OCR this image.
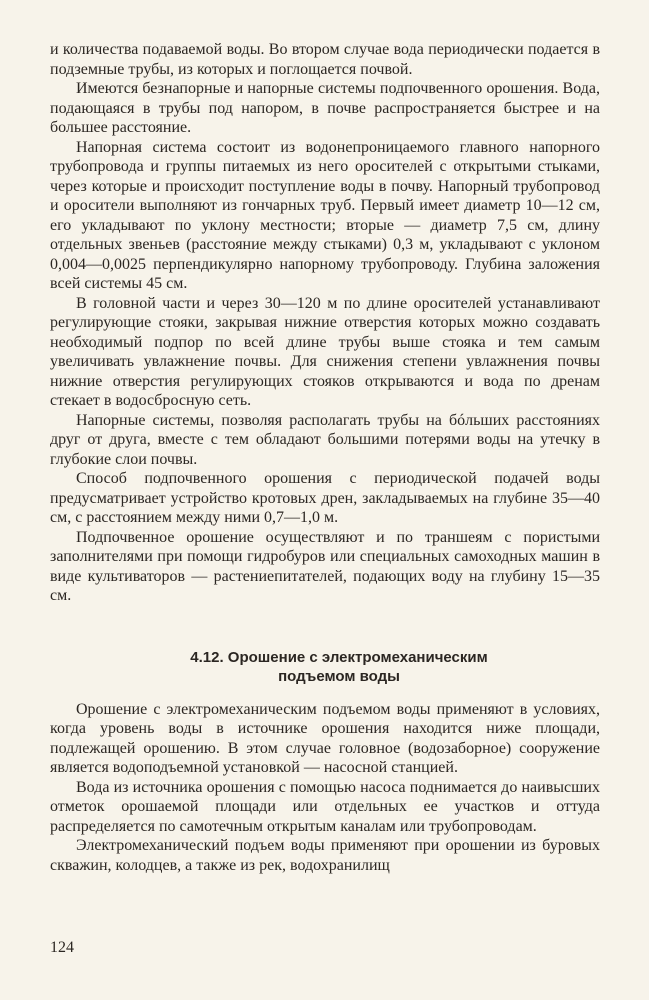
и количества подаваемой воды. Во втором случае вода периодически подается в подземные трубы, из которых и поглощается почвой.

Имеются безнапорные и напорные системы подпочвенного орошения. Вода, подающаяся в трубы под напором, в почве распространяется быстрее и на большее расстояние.

Напорная система состоит из водонепроницаемого главного напорного трубопровода и группы питаемых из него оросителей с открытыми стыками, через которые и происходит поступление воды в почву. Напорный трубопровод и оросители выполняют из гончарных труб. Первый имеет диаметр 10—12 см, его укладывают по уклону местности; вторые — диаметр 7,5 см, длину отдельных звеньев (расстояние между стыками) 0,3 м, укладывают с уклоном 0,004—0,0025 перпендикулярно напорному трубопроводу. Глубина заложения всей системы 45 см.

В головной части и через 30—120 м по длине оросителей устанавливают регулирующие стояки, закрывая нижние отверстия которых можно создавать необходимый подпор по всей длине трубы выше стояка и тем самым увеличивать увлажнение почвы. Для снижения степени увлажнения почвы нижние отверстия регулирующих стояков открываются и вода по дренам стекает в водосбросную сеть.

Напорные системы, позволяя располагать трубы на бóльших расстояниях друг от друга, вместе с тем обладают большими потерями воды на утечку в глубокие слои почвы.

Способ подпочвенного орошения с периодической подачей воды предусматривает устройство кротовых дрен, закладываемых на глубине 35—40 см, с расстоянием между ними 0,7—1,0 м.

Подпочвенное орошение осуществляют и по траншеям с пористыми заполнителями при помощи гидробуров или специальных самоходных машин в виде культиваторов — растениепитателей, подающих воду на глубину 15—35 см.

4.12. Орошение с электромеханическим
подъемом воды

Орошение с электромеханическим подъемом воды применяют в условиях, когда уровень воды в источнике орошения находится ниже площади, подлежащей орошению. В этом случае головное (водозаборное) сооружение является водоподъемной установкой — насосной станцией.

Вода из источника орошения с помощью насоса поднимается до наивысших отметок орошаемой площади или отдельных ее участков и оттуда распределяется по самотечным открытым каналам или трубопроводам.

Электромеханический подъем воды применяют при орошении из буровых скважин, колодцев, а также из рек, водохранилищ

124
